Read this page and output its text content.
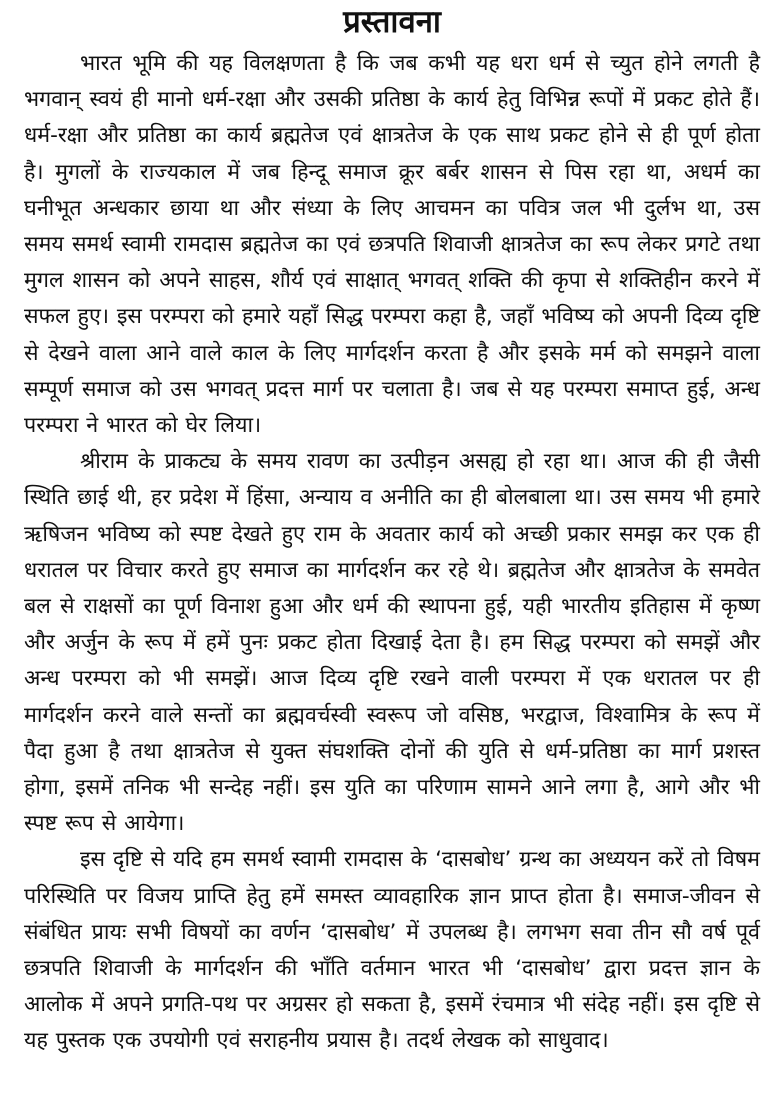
प्रस्तावना

भारत भूमि की यह विलक्षणता है कि जब कभी यह धरा धर्म से च्युत होने लगती है भगवान् स्वयं ही मानो धर्म-रक्षा और उसकी प्रतिष्ठा के कार्य हेतु विभिन्न रूपों में प्रकट होते हैं। धर्म-रक्षा और प्रतिष्ठा का कार्य ब्रह्मतेज एवं क्षात्रतेज के एक साथ प्रकट होने से ही पूर्ण होता है। मुगलों के राज्यकाल में जब हिन्दू समाज क्रूर बर्बर शासन से पिस रहा था, अधर्म का घनीभूत अन्धकार छाया था और संध्या के लिए आचमन का पवित्र जल भी दुर्लभ था, उस समय समर्थ स्वामी रामदास ब्रह्मतेज का एवं छत्रपति शिवाजी क्षात्रतेज का रूप लेकर प्रगटे तथा मुगल शासन को अपने साहस, शौर्य एवं साक्षात् भगवत् शक्ति की कृपा से शक्तिहीन करने में सफल हुए। इस परम्परा को हमारे यहाँ सिद्ध परम्परा कहा है, जहाँ भविष्य को अपनी दिव्य दृष्टि से देखने वाला आने वाले काल के लिए मार्गदर्शन करता है और इसके मर्म को समझने वाला सम्पूर्ण समाज को उस भगवत् प्रदत्त मार्ग पर चलाता है। जब से यह परम्परा समाप्त हुई, अन्ध परम्परा ने भारत को घेर लिया।

श्रीराम के प्राकट्य के समय रावण का उत्पीड़न असह्य हो रहा था। आज की ही जैसी स्थिति छाई थी, हर प्रदेश में हिंसा, अन्याय व अनीति का ही बोलबाला था। उस समय भी हमारे ऋषिजन भविष्य को स्पष्ट देखते हुए राम के अवतार कार्य को अच्छी प्रकार समझ कर एक ही धरातल पर विचार करते हुए समाज का मार्गदर्शन कर रहे थे। ब्रह्मतेज और क्षात्रतेज के समवेत बल से राक्षसों का पूर्ण विनाश हुआ और धर्म की स्थापना हुई, यही भारतीय इतिहास में कृष्ण और अर्जुन के रूप में हमें पुनः प्रकट होता दिखाई देता है। हम सिद्ध परम्परा को समझें और अन्ध परम्परा को भी समझें। आज दिव्य दृष्टि रखने वाली परम्परा में एक धरातल पर ही मार्गदर्शन करने वाले सन्तों का ब्रह्मवर्चस्वी स्वरूप जो वसिष्ठ, भरद्वाज, विश्वामित्र के रूप में पैदा हुआ है तथा क्षात्रतेज से युक्त संघशक्ति दोनों की युति से धर्म-प्रतिष्ठा का मार्ग प्रशस्त होगा, इसमें तनिक भी सन्देह नहीं। इस युति का परिणाम सामने आने लगा है, आगे और भी स्पष्ट रूप से आयेगा।

इस दृष्टि से यदि हम समर्थ स्वामी रामदास के ‘दासबोध’ ग्रन्थ का अध्ययन करें तो विषम परिस्थिति पर विजय प्राप्ति हेतु हमें समस्त व्यावहारिक ज्ञान प्राप्त होता है। समाज-जीवन से संबंधित प्रायः सभी विषयों का वर्णन ‘दासबोध’ में उपलब्ध है। लगभग सवा तीन सौ वर्ष पूर्व छत्रपति शिवाजी के मार्गदर्शन की भाँति वर्तमान भारत भी ‘दासबोध’ द्वारा प्रदत्त ज्ञान के आलोक में अपने प्रगति-पथ पर अग्रसर हो सकता है, इसमें रंचमात्र भी संदेह नहीं। इस दृष्टि से यह पुस्तक एक उपयोगी एवं सराहनीय प्रयास है। तदर्थ लेखक को साधुवाद।
